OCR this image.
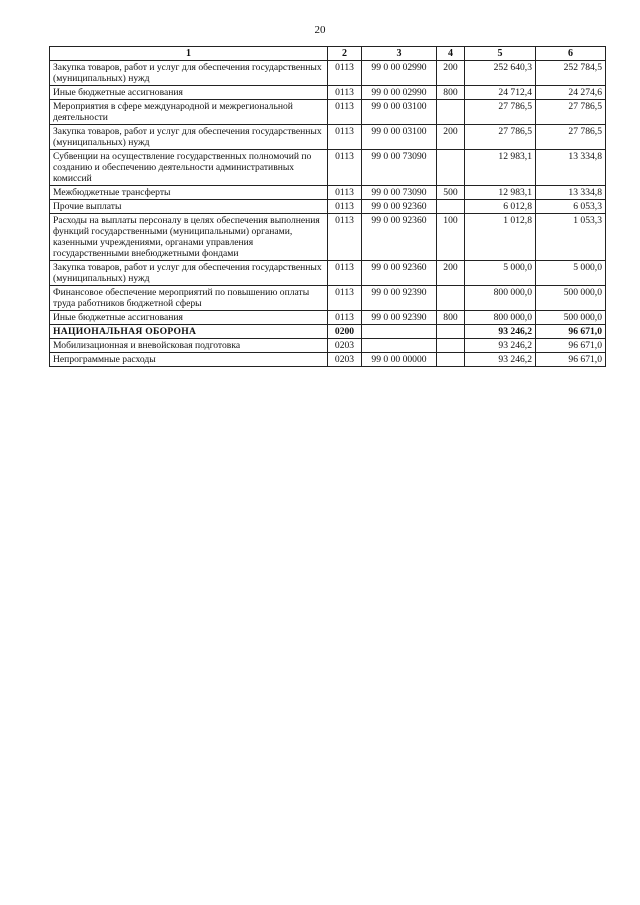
20
1	2	3	4	5	6
Закупка товаров, работ и услуг для обеспечения государственных (муниципальных) нужд	0113	99 0 00 02990	200	252 640,3	252 784,5
Иные бюджетные ассигнования	0113	99 0 00 02990	800	24 712,4	24 274,6
Мероприятия в сфере международной и межрегиональной деятельности	0113	99 0 00 03100		27 786,5	27 786,5
Закупка товаров, работ и услуг для обеспечения государственных (муниципальных) нужд	0113	99 0 00 03100	200	27 786,5	27 786,5
Субвенции на осуществление государственных полномочий по созданию и обеспечению деятельности административных комиссий	0113	99 0 00 73090		12 983,1	13 334,8
Межбюджетные трансферты	0113	99 0 00 73090	500	12 983,1	13 334,8
Прочие выплаты	0113	99 0 00 92360		6 012,8	6 053,3
Расходы на выплаты персоналу в целях обеспечения выполнения функций государственными (муниципальными) органами, казенными учреждениями, органами управления государственными внебюджетными фондами	0113	99 0 00 92360	100	1 012,8	1 053,3
Закупка товаров, работ и услуг для обеспечения государственных (муниципальных) нужд	0113	99 0 00 92360	200	5 000,0	5 000,0
Финансовое обеспечение мероприятий по повышению оплаты труда работников бюджетной сферы	0113	99 0 00 92390		800 000,0	500 000,0
Иные бюджетные ассигнования	0113	99 0 00 92390	800	800 000,0	500 000,0
НАЦИОНАЛЬНАЯ ОБОРОНА	0200			93 246,2	96 671,0
Мобилизационная и вневойсковая подготовка	0203			93 246,2	96 671,0
Непрограммные расходы	0203	99 0 00 00000		93 246,2	96 671,0
